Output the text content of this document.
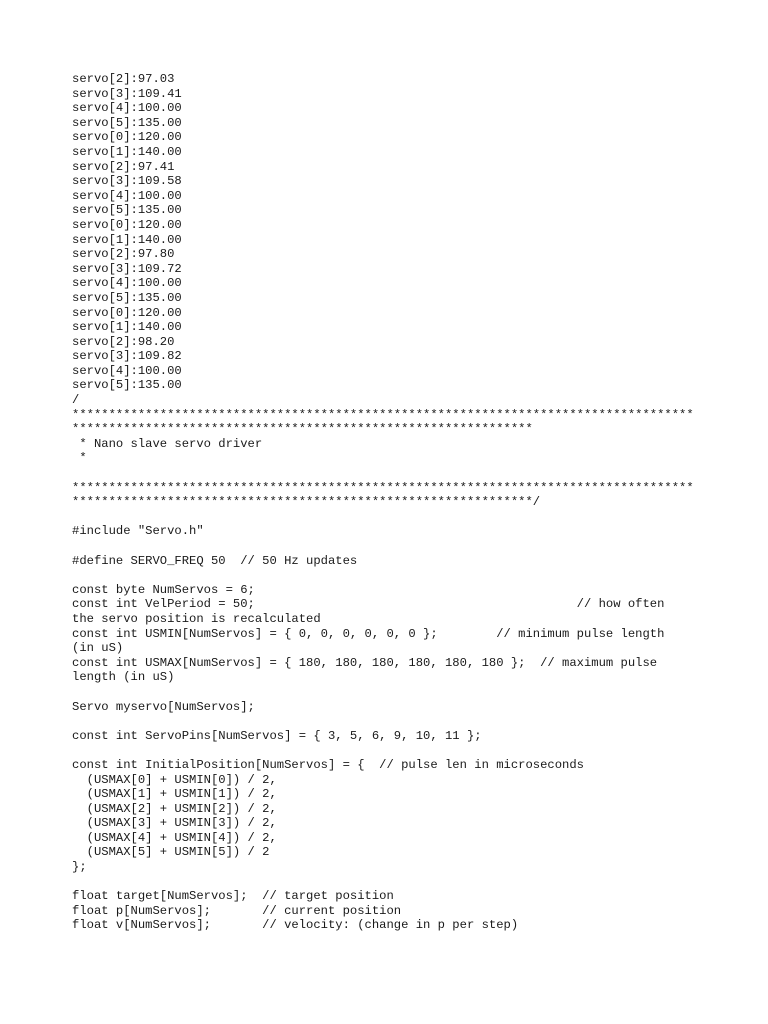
servo[2]:97.03
servo[3]:109.41
servo[4]:100.00
servo[5]:135.00
servo[0]:120.00
servo[1]:140.00
servo[2]:97.41
servo[3]:109.58
servo[4]:100.00
servo[5]:135.00
servo[0]:120.00
servo[1]:140.00
servo[2]:97.80
servo[3]:109.72
servo[4]:100.00
servo[5]:135.00
servo[0]:120.00
servo[1]:140.00
servo[2]:98.20
servo[3]:109.82
servo[4]:100.00
servo[5]:135.00
/
*************************************************************************************
***************************************************************
* Nano slave servo driver
*
*************************************************************************************
***************************************************************/
#include "Servo.h"
#define SERVO_FREQ 50  // 50 Hz updates
const byte NumServos = 6;
const int VelPeriod = 50;                                            // how often
the servo position is recalculated
const int USMIN[NumServos] = { 0, 0, 0, 0, 0, 0 };        // minimum pulse length
(in uS)
const int USMAX[NumServos] = { 180, 180, 180, 180, 180, 180 };  // maximum pulse
length (in uS)
Servo myservo[NumServos];
const int ServoPins[NumServos] = { 3, 5, 6, 9, 10, 11 };
const int InitialPosition[NumServos] = {  // pulse len in microseconds
(USMAX[0] + USMIN[0]) / 2,
(USMAX[1] + USMIN[1]) / 2,
(USMAX[2] + USMIN[2]) / 2,
(USMAX[3] + USMIN[3]) / 2,
(USMAX[4] + USMIN[4]) / 2,
(USMAX[5] + USMIN[5]) / 2
};
float target[NumServos];  // target position
float p[NumServos];       // current position
float v[NumServos];       // velocity: (change in p per step)
